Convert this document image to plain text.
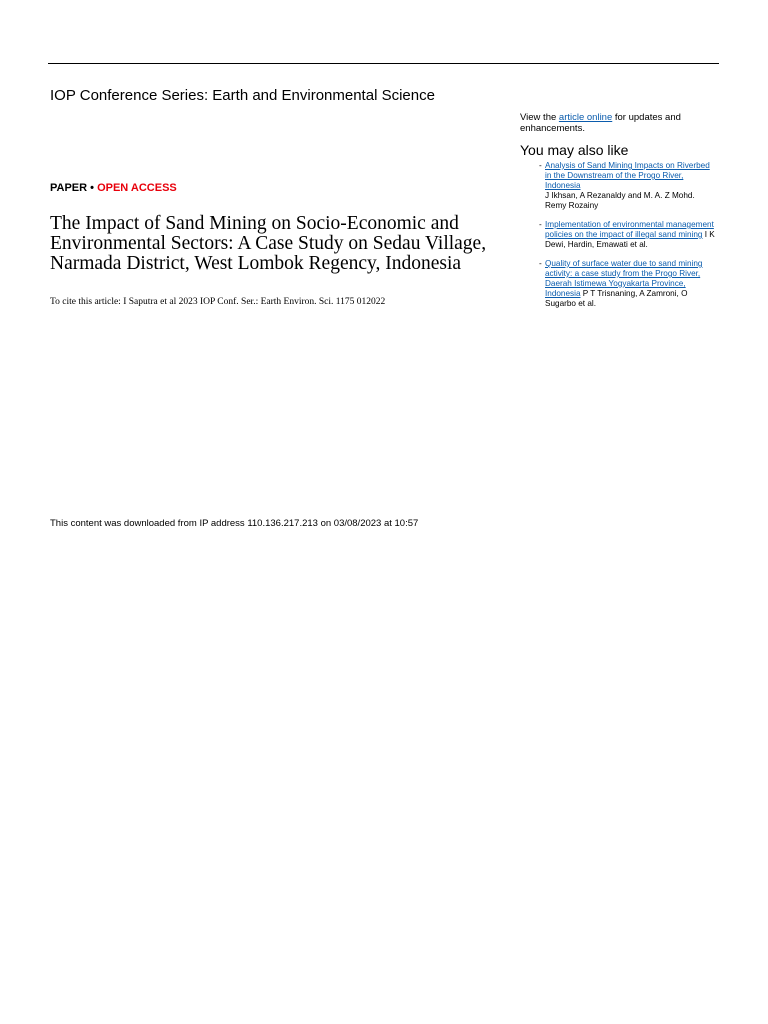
IOP Conference Series: Earth and Environmental Science
PAPER • OPEN ACCESS
The Impact of Sand Mining on Socio-Economic and Environmental Sectors: A Case Study on Sedau Village, Narmada District, West Lombok Regency, Indonesia
To cite this article: I Saputra et al 2023 IOP Conf. Ser.: Earth Environ. Sci. 1175 012022
View the article online for updates and enhancements.
You may also like
- Analysis of Sand Mining Impacts on Riverbed in the Downstream of the Progo River, Indonesia
J Ikhsan, A Rezanaldy and M. A. Z Mohd. Remy Rozainy
- Implementation of environmental management policies on the impact of illegal sand mining I K Dewi, Hardin, Emawati et al.
- Quality of surface water due to sand mining activity: a case study from the Progo River, Daerah Istimewa Yogyakarta Province, Indonesia P T Trisnaning, A Zamroni, O Sugarbo et al.
This content was downloaded from IP address 110.136.217.213 on 03/08/2023 at 10:57
